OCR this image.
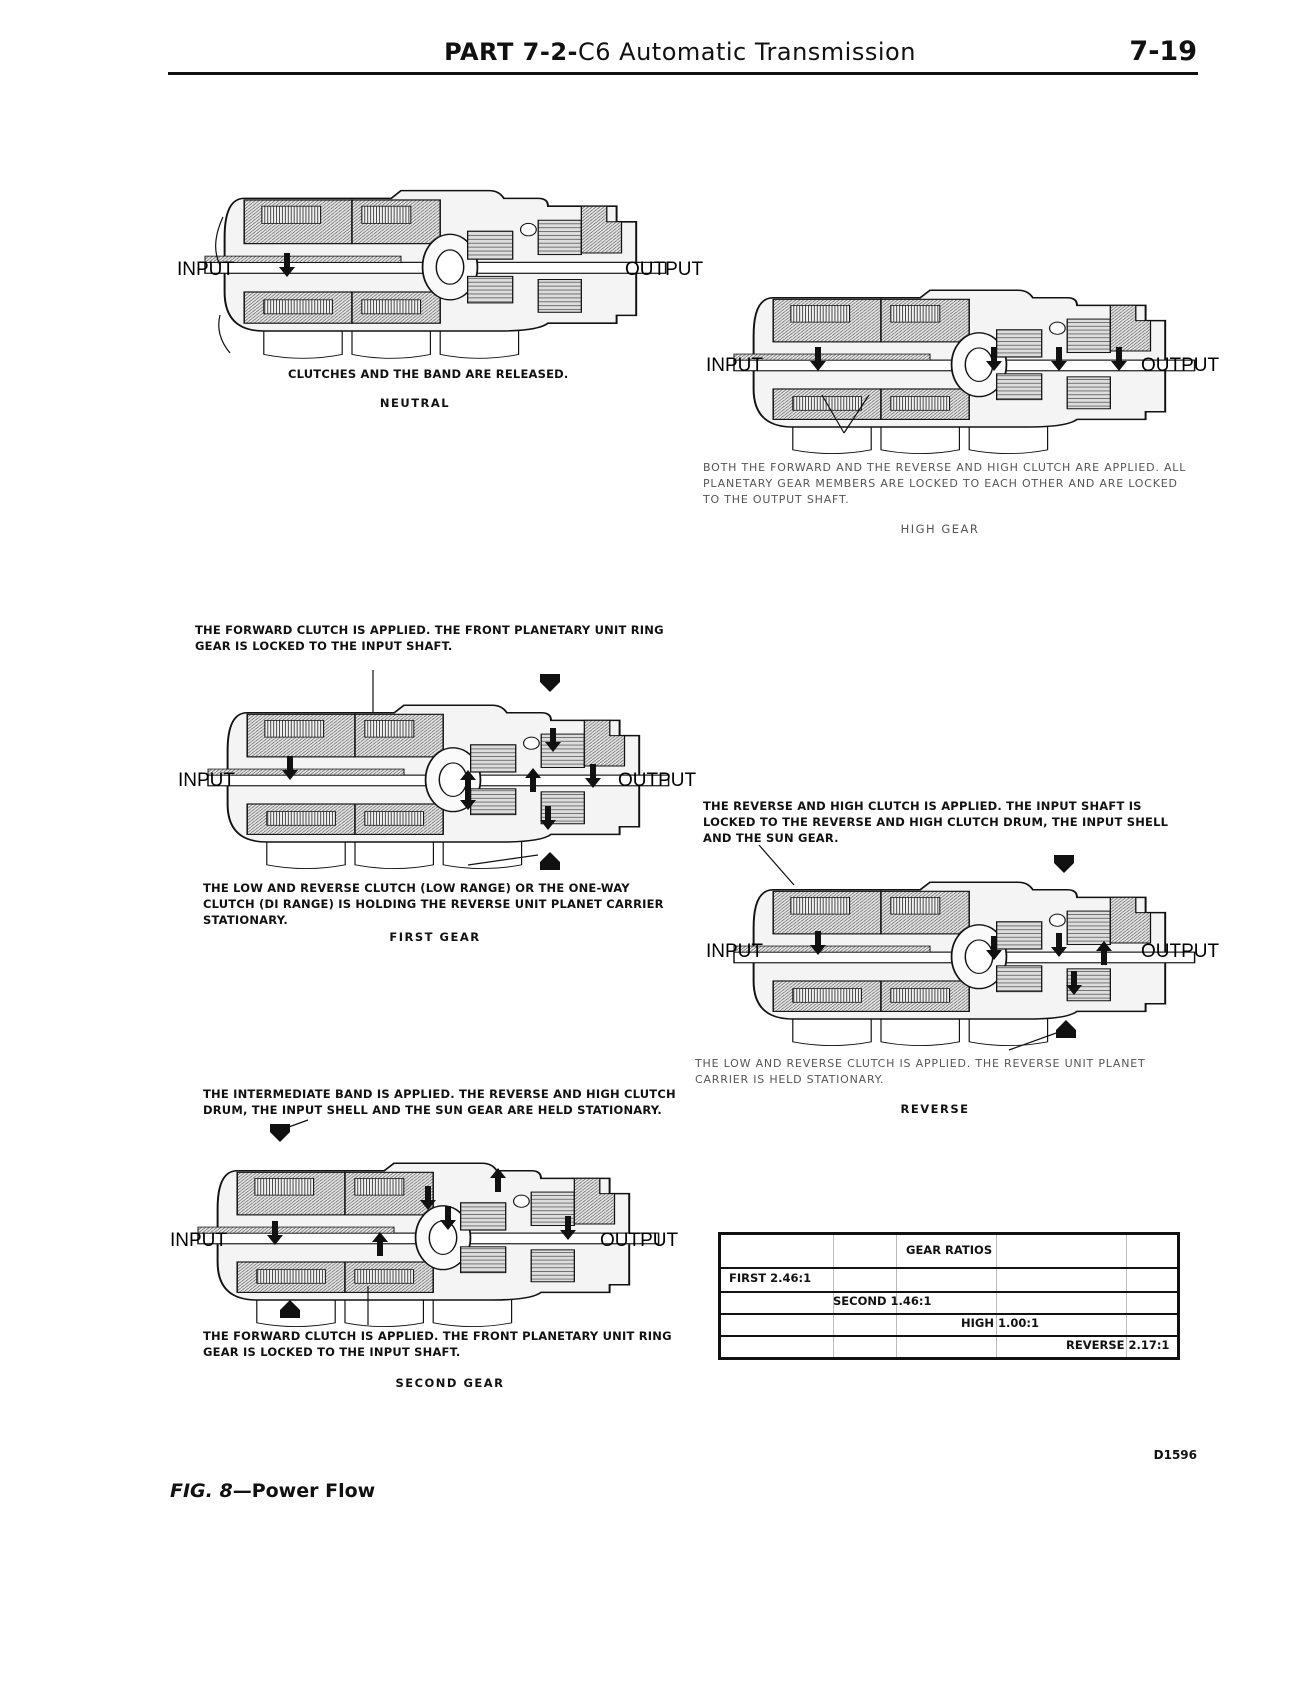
PART 7-2-C6 Automatic Transmission	7-19
INPUT	OUTPUT
CLUTCHES AND THE BAND ARE RELEASED.
NEUTRAL
INPUT	OUTPUT
BOTH THE FORWARD AND THE REVERSE AND HIGH CLUTCH ARE APPLIED. ALL PLANETARY GEAR MEMBERS ARE LOCKED TO EACH OTHER AND ARE LOCKED TO THE OUTPUT SHAFT.
HIGH GEAR
THE FORWARD CLUTCH IS APPLIED. THE FRONT PLANETARY UNIT RING GEAR IS LOCKED TO THE INPUT SHAFT.
INPUT	OUTPUT
THE LOW AND REVERSE CLUTCH (LOW RANGE) OR THE ONE-WAY CLUTCH (DI RANGE) IS HOLDING THE REVERSE UNIT PLANET CARRIER STATIONARY.
FIRST GEAR
THE REVERSE AND HIGH CLUTCH IS APPLIED. THE INPUT SHAFT IS LOCKED TO THE REVERSE AND HIGH CLUTCH DRUM, THE INPUT SHELL AND THE SUN GEAR.
INPUT	OUTPUT
THE LOW AND REVERSE CLUTCH IS APPLIED. THE REVERSE UNIT PLANET CARRIER IS HELD STATIONARY.
REVERSE
THE INTERMEDIATE BAND IS APPLIED. THE REVERSE AND HIGH CLUTCH DRUM, THE INPUT SHELL AND THE SUN GEAR ARE HELD STATIONARY.
INPUT	OUTPUT
THE FORWARD CLUTCH IS APPLIED. THE FRONT PLANETARY UNIT RING GEAR IS LOCKED TO THE INPUT SHAFT.
SECOND GEAR
GEAR RATIOS
FIRST 2.46:1
SECOND 1.46:1
HIGH 1.00:1
REVERSE 2.17:1
D1596
FIG. 8—Power Flow
